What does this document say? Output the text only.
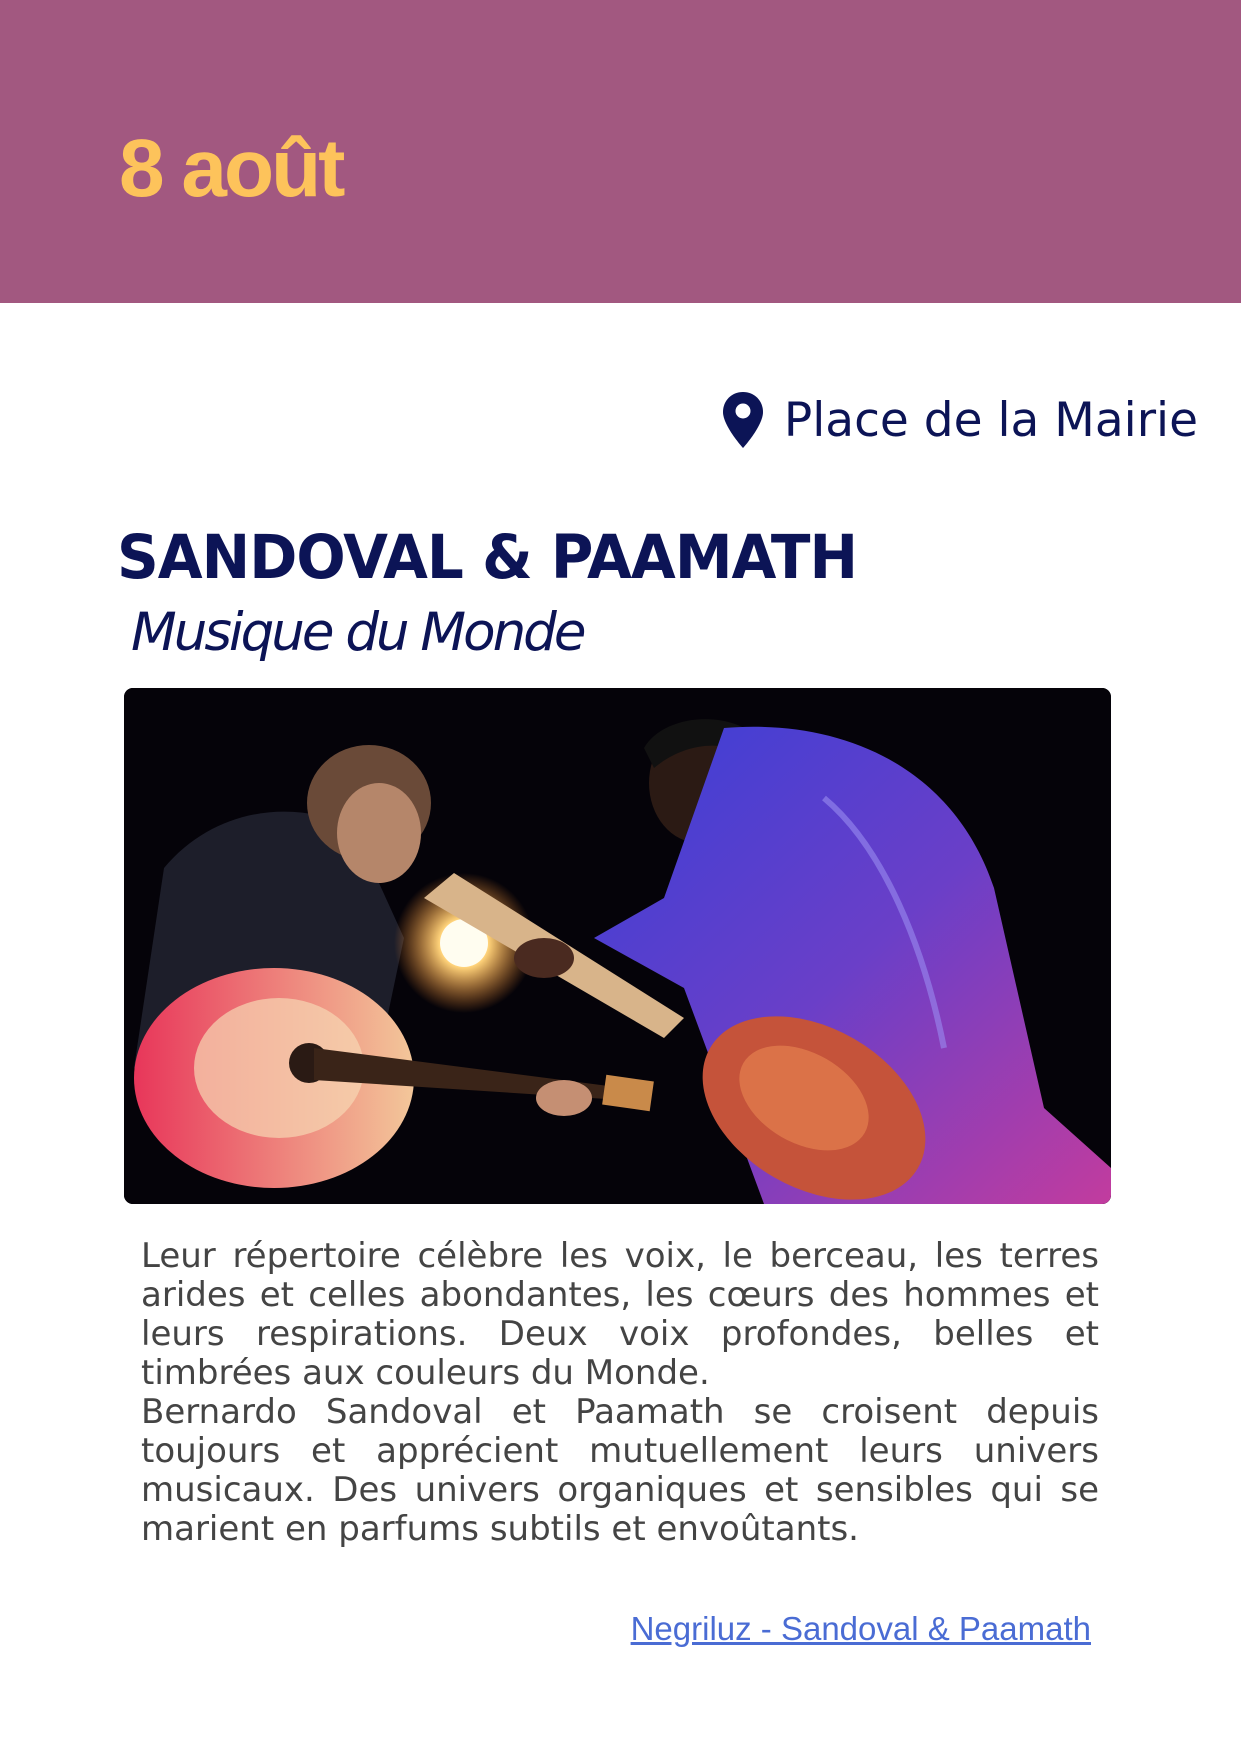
8 août
Place de la Mairie
SANDOVAL & PAAMATH
Musique du Monde

Leur répertoire célèbre les voix, le berceau, les terres arides et celles abondantes, les cœurs des hommes et leurs respirations. Deux voix profondes, belles et timbrées aux couleurs du Monde.

Bernardo Sandoval et Paamath se croisent depuis toujours et apprécient mutuellement leurs univers musicaux. Des univers organiques et sensibles qui se marient en parfums subtils et envoûtants.

Negriluz - Sandoval & Paamath
